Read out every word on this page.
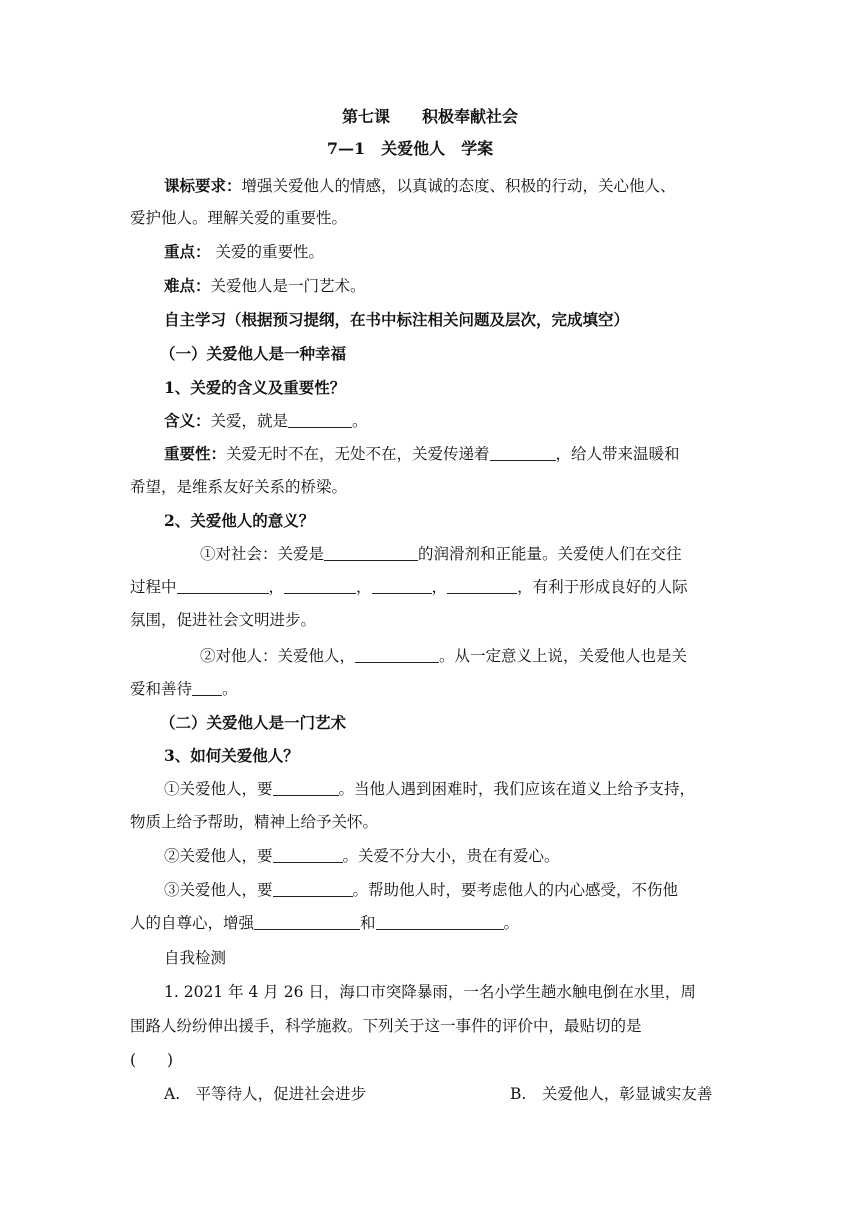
第七课　　积极奉献社会
7—1　关爱他人　学案
课标要求：增强关爱他人的情感，以真诚的态度、积极的行动，关心他人、
爱护他人。理解关爱的重要性。
重点： 关爱的重要性。
难点：关爱他人是一门艺术。
自主学习（根据预习提纲，在书中标注相关问题及层次，完成填空）
（一）关爱他人是一种幸福
1、关爱的含义及重要性？
含义：关爱，就是	。
重要性：关爱无时不在，无处不在，关爱传递着	，给人带来温暖和
希望，是维系友好关系的桥梁。
2、关爱他人的意义？
①对社会：关爱是	的润滑剂和正能量。关爱使人们在交往
过程中	，	，	，	，有利于形成良好的人际
氛围，促进社会文明进步。
②对他人：关爱他人，	。从一定意义上说，关爱他人也是关
爱和善待 。
（二）关爱他人是一门艺术
3、如何关爱他人？
①关爱他人，要	。当他人遇到困难时，我们应该在道义上给予支持，
物质上给予帮助，精神上给予关怀。
②关爱他人，要	。关爱不分大小，贵在有爱心。
③关爱他人，要	。帮助他人时，要考虑他人的内心感受，不伤他
人的自尊心，增强	和	。
自我检测
1. 2021 年 4 月 26 日，海口市突降暴雨，一名小学生趟水触电倒在水里，周
围路人纷纷伸出援手，科学施救。下列关于这一事件的评价中，最贴切的是
(　　)
A.　平等待人，促进社会进步	B.　关爱他人，彰显诚实友善
